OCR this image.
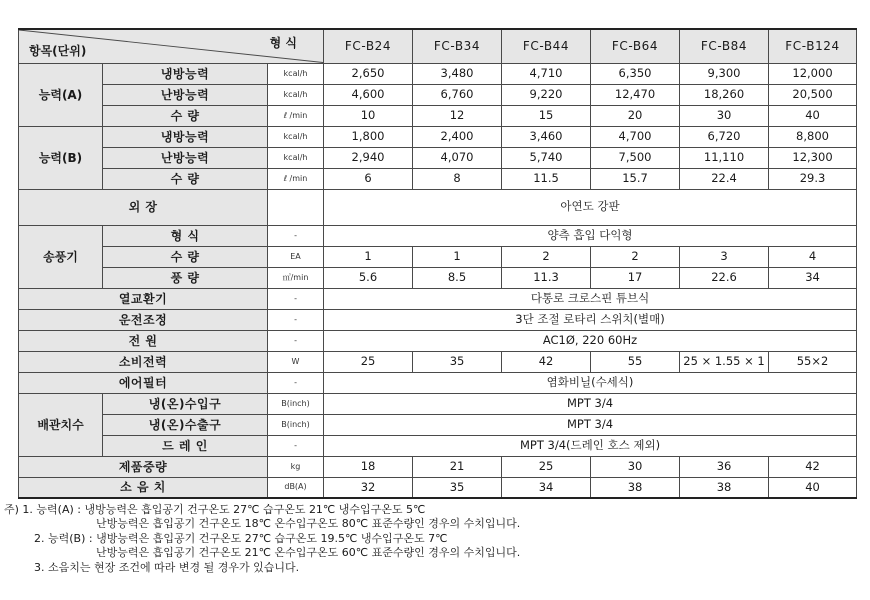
형 식
항목(단위)			FC-B24	FC-B34	FC-B44	FC-B64	FC-B84	FC-B124
능력(A)	냉방능력	kcal/h	2,650	3,480	4,710	6,350	9,300	12,000
	난방능력	kcal/h	4,600	6,760	9,220	12,470	18,260	20,500
	수 량	ℓ /min	10	12	15	20	30	40
능력(B)	냉방능력	kcal/h	1,800	2,400	3,460	4,700	6,720	8,800
	난방능력	kcal/h	2,940	4,070	5,740	7,500	11,110	12,300
	수 량	ℓ /min	6	8	11.5	15.7	22.4	29.3
외 장			아연도 강판					
송풍기	형 식	-	양측 흡입 다익형					
	수 량	EA	1	1	2	2	3	4
	풍 량	㎥/min	5.6	8.5	11.3	17	22.6	34
열교환기		-	다통로 크로스핀 튜브식					
운전조정		-	3단 조절 로타리 스위치(별매)					
전 원		-	AC1Ø, 220 60Hz					
소비전력		W	25	35	42	55	25 × 1.55 × 1	55×2
에어필터		-	염화비닐(수세식)					
배관치수	냉(온)수입구	B(inch)	MPT 3/4					
	냉(온)수출구	B(inch)	MPT 3/4					
	드 레 인	-	MPT 3/4(드레인 호스 제외)					
제품중량		kg	18	21	25	30	36	42
소 음 치		dB(A)	32	35	34	38	38	40
주) 1. 능력(A) : 냉방능력은 흡입공기 건구온도 27℃ 습구온도 21℃ 냉수입구온도 5℃
난방능력은 흡입공기 건구온도 18℃ 온수입구온도 80℃ 표준수량인 경우의 수치입니다.
2. 능력(B) : 냉방능력은 흡입공기 건구온도 27℃ 습구온도 19.5℃ 냉수입구온도 7℃
난방능력은 흡입공기 건구온도 21℃ 온수입구온도 60℃ 표준수량인 경우의 수치입니다.
3. 소음치는 현장 조건에 따라 변경 될 경우가 있습니다.
